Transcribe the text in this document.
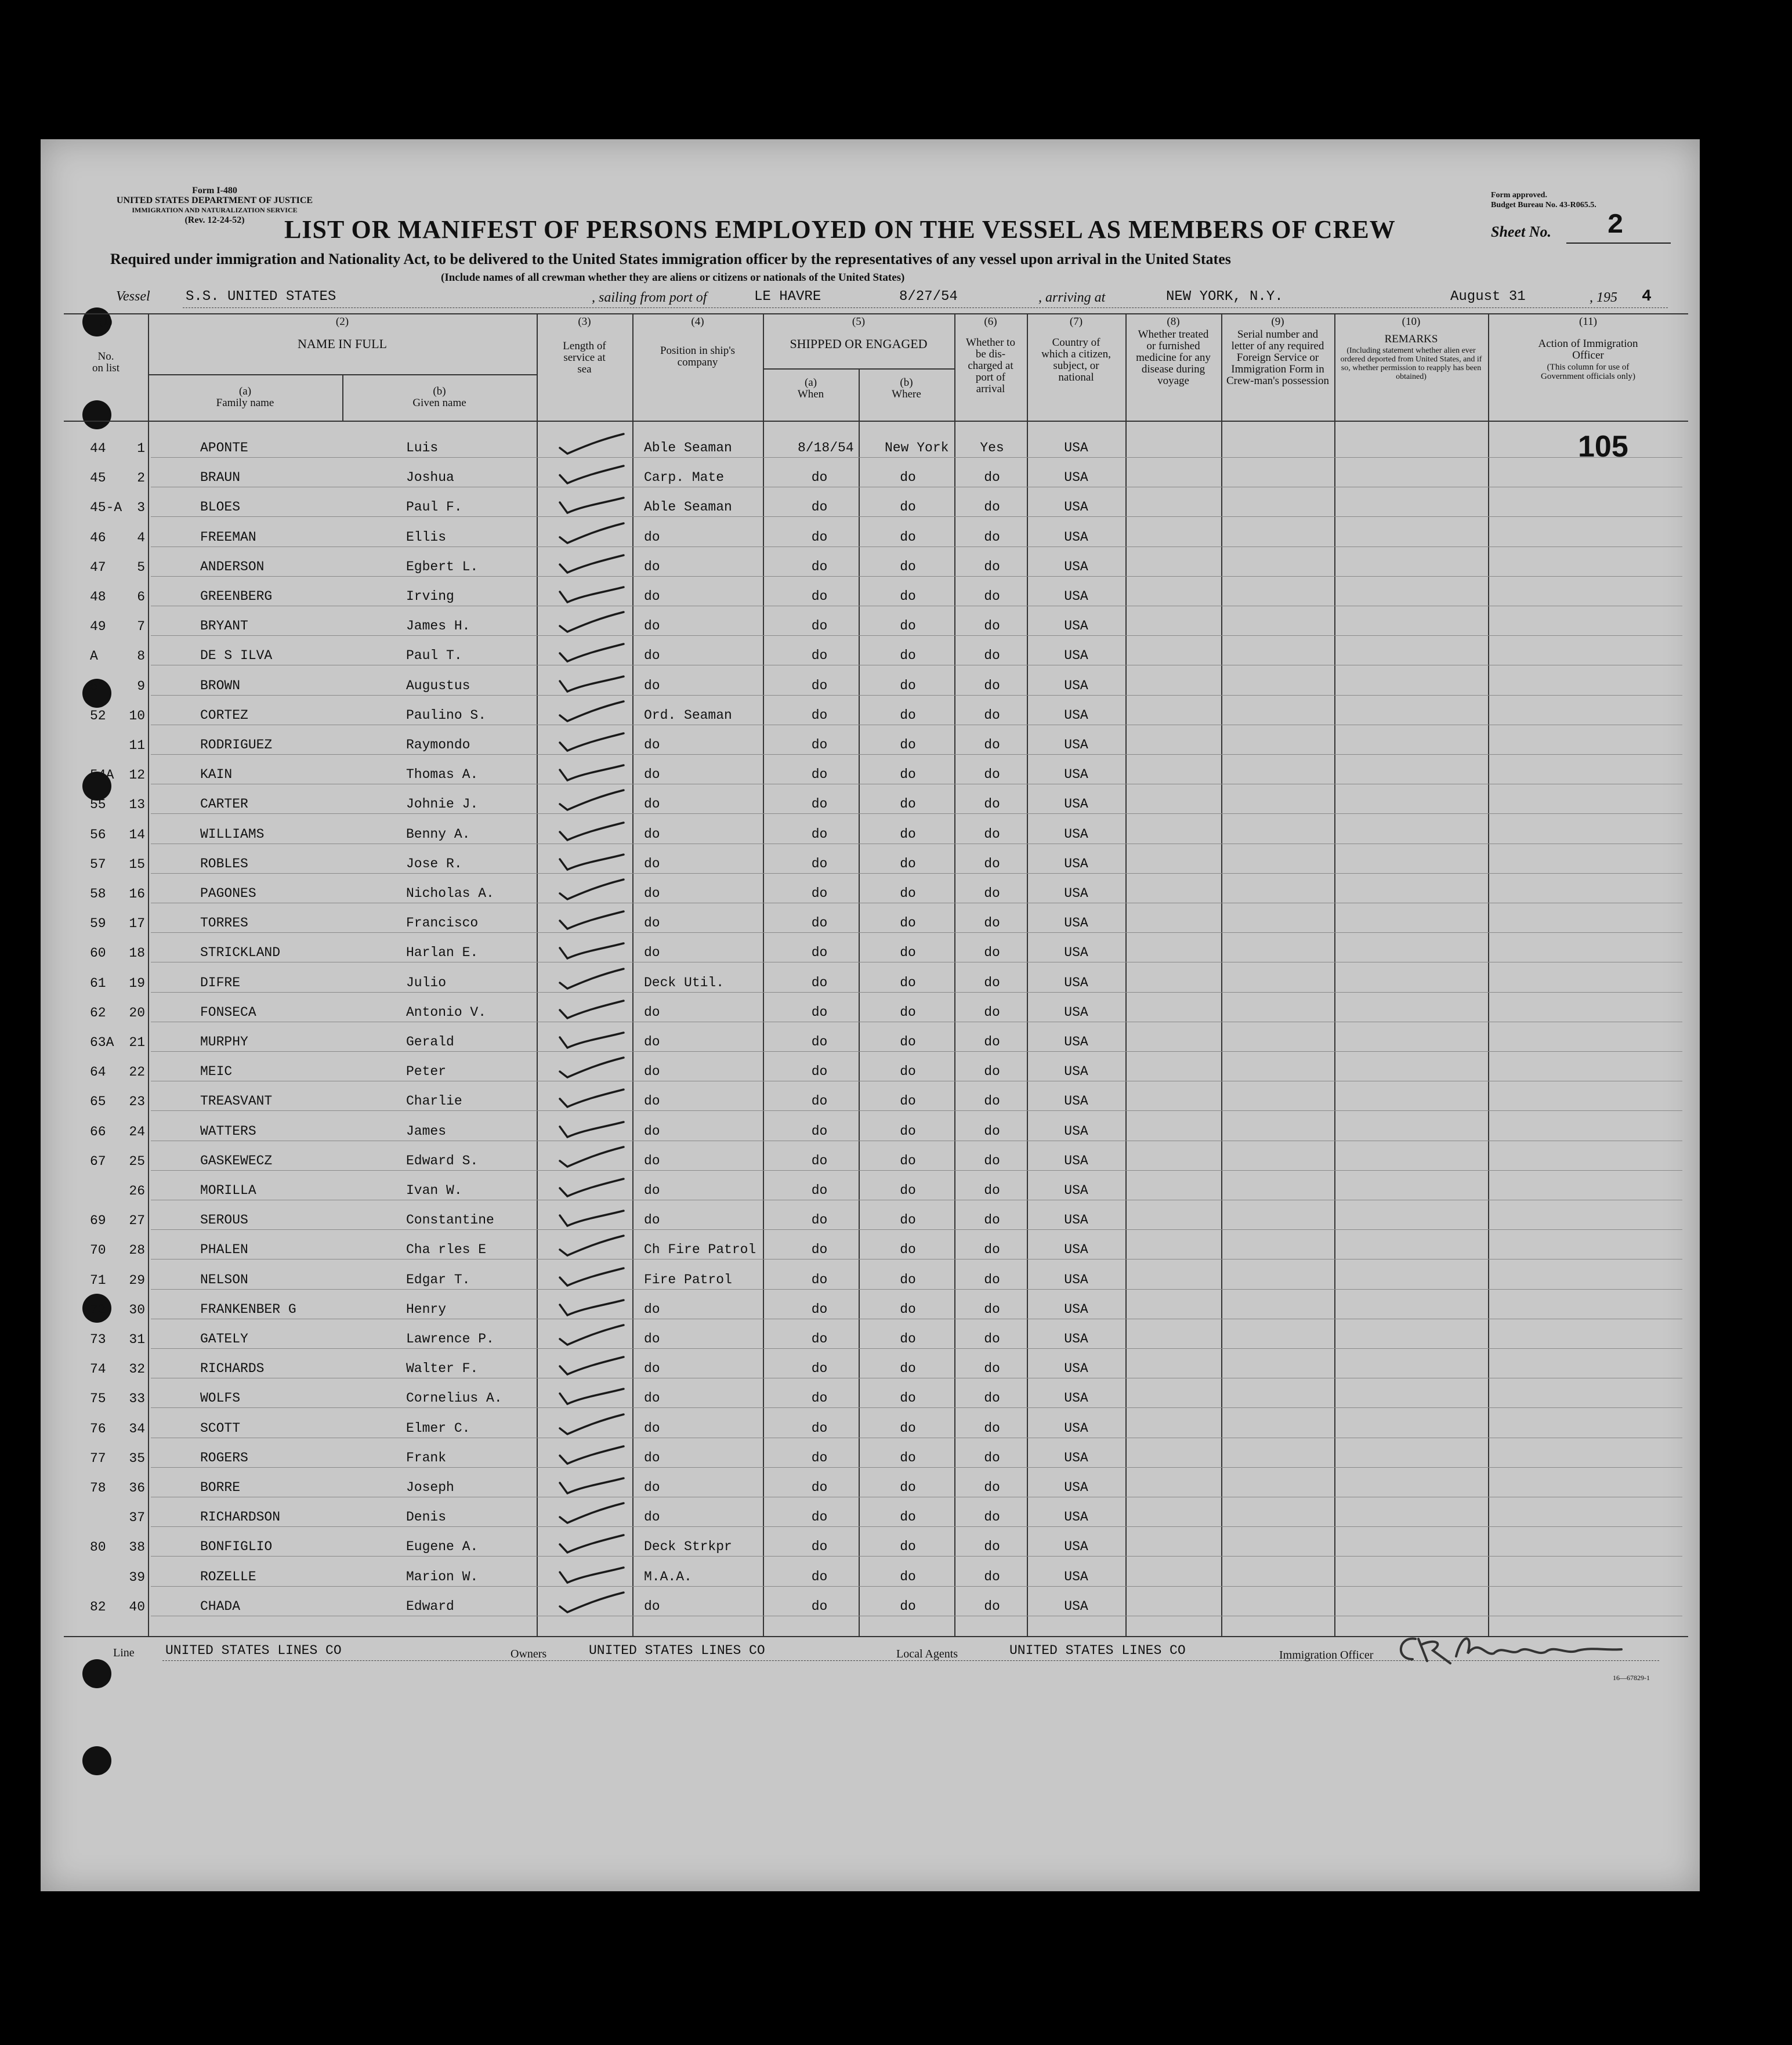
Form I-480
UNITED STATES DEPARTMENT OF JUSTICE
IMMIGRATION AND NATURALIZATION SERVICE
(Rev. 12-24-52)
Form approved.
Budget Bureau No. 43-R065.5.
LIST OR MANIFEST OF PERSONS EMPLOYED ON THE VESSEL AS MEMBERS OF CREW	Sheet No. 2
Required under immigration and Nationality Act, to be delivered to the United States immigration officer by the representatives of any vessel upon arrival in the United States
(Include names of all crewman whether they are aliens or citizens or nationals of the United States)
Vessel	S.S. UNITED STATES	, sailing from port of	LE HAVRE	8/27/54	, arriving at	NEW YORK, N.Y.	August 31	, 195 4
(1)
No. on list
(2)
NAME IN FULL
(a)
Family name
(b)
Given name
(3)
Length of service at sea
(4)
Position in ship's company
(5)
SHIPPED OR ENGAGED
(a)
When
(b)
Where
(6)
Whether to be dis-charged at port of arrival
(7)
Country of which a citizen, subject, or national
(8)
Whether treated or furnished medicine for any disease during voyage
(9)
Serial number and letter of any required Foreign Service or Immigration Form in Crew-man's possession
(10)
REMARKS
(Including statement whether alien ever ordered deported from United States, and if so, whether permission to reapply has been obtained)
(11)
Action of Immigration Officer
(This column for use of Government officials only)
105
44	1	APONTE	Luis	Able Seaman	8/18/54 New York	Yes	USA
45	2	BRAUN	Joshua	Carp. Mate	do	do	do	USA
45-A	3	BLOES	Paul F.	Able Seaman	do	do	do	USA
46	4	FREEMAN	Ellis	do	do	do	do	USA
47	5	ANDERSON	Egbert L.	do	do	do	do	USA
48	6	GREENBERG	Irving	do	do	do	do	USA
49	7	BRYANT	James H.	do	do	do	do	USA
A	8	DE S ILVA	Paul T.	do	do	do	do	USA
51	9	BROWN	Augustus	do	do	do	do	USA
52	10	CORTEZ	Paulino S.	Ord. Seaman	do	do	do	USA
11	RODRIGUEZ	Raymondo	do	do	do	do	USA
54A	12	KAIN	Thomas A.	do	do	do	do	USA
55	13	CARTER	Johnie J.	do	do	do	do	USA
56	14	WILLIAMS	Benny A.	do	do	do	do	USA
57	15	ROBLES	Jose R.	do	do	do	do	USA
58	16	PAGONES	Nicholas A.	do	do	do	do	USA
59	17	TORRES	Francisco	do	do	do	do	USA
60	18	STRICKLAND	Harlan E.	do	do	do	do	USA
61	19	DIFRE	Julio	Deck Util.	do	do	do	USA
62	20	FONSECA	Antonio V.	do	do	do	do	USA
63A	21	MURPHY	Gerald	do	do	do	do	USA
64	22	MEIC	Peter	do	do	do	do	USA
65	23	TREASVANT	Charlie	do	do	do	do	USA
66	24	WATTERS	James	do	do	do	do	USA
67	25	GASKEWECZ	Edward S.	do	do	do	do	USA
26	MORILLA	Ivan W.	do	do	do	do	USA
69	27	SEROUS	Constantine	do	do	do	do	USA
70	28	PHALEN	Cha rles E	Ch Fire Patrol	do	do	do	USA
71	29	NELSON	Edgar T.	Fire Patrol	do	do	do	USA
72	30	FRANKENBER G	Henry	do	do	do	do	USA
73	31	GATELY	Lawrence P.	do	do	do	do	USA
74	32	RICHARDS	Walter F.	do	do	do	do	USA
75	33	WOLFS	Cornelius A.	do	do	do	do	USA
76	34	SCOTT	Elmer C.	do	do	do	do	USA
77	35	ROGERS	Frank	do	do	do	do	USA
78	36	BORRE	Joseph	do	do	do	do	USA
37	RICHARDSON	Denis	do	do	do	do	USA
80	38	BONFIGLIO	Eugene A.	Deck Strkpr	do	do	do	USA
39	ROZELLE	Marion W.	M.A.A.	do	do	do	USA
82	40	CHADA	Edward	do	do	do	do	USA
Line UNITED STATES LINES CO	Owners	UNITED STATES LINES CO	Local Agents	UNITED STATES LINES CO	Immigration Officer
16—67829-1
